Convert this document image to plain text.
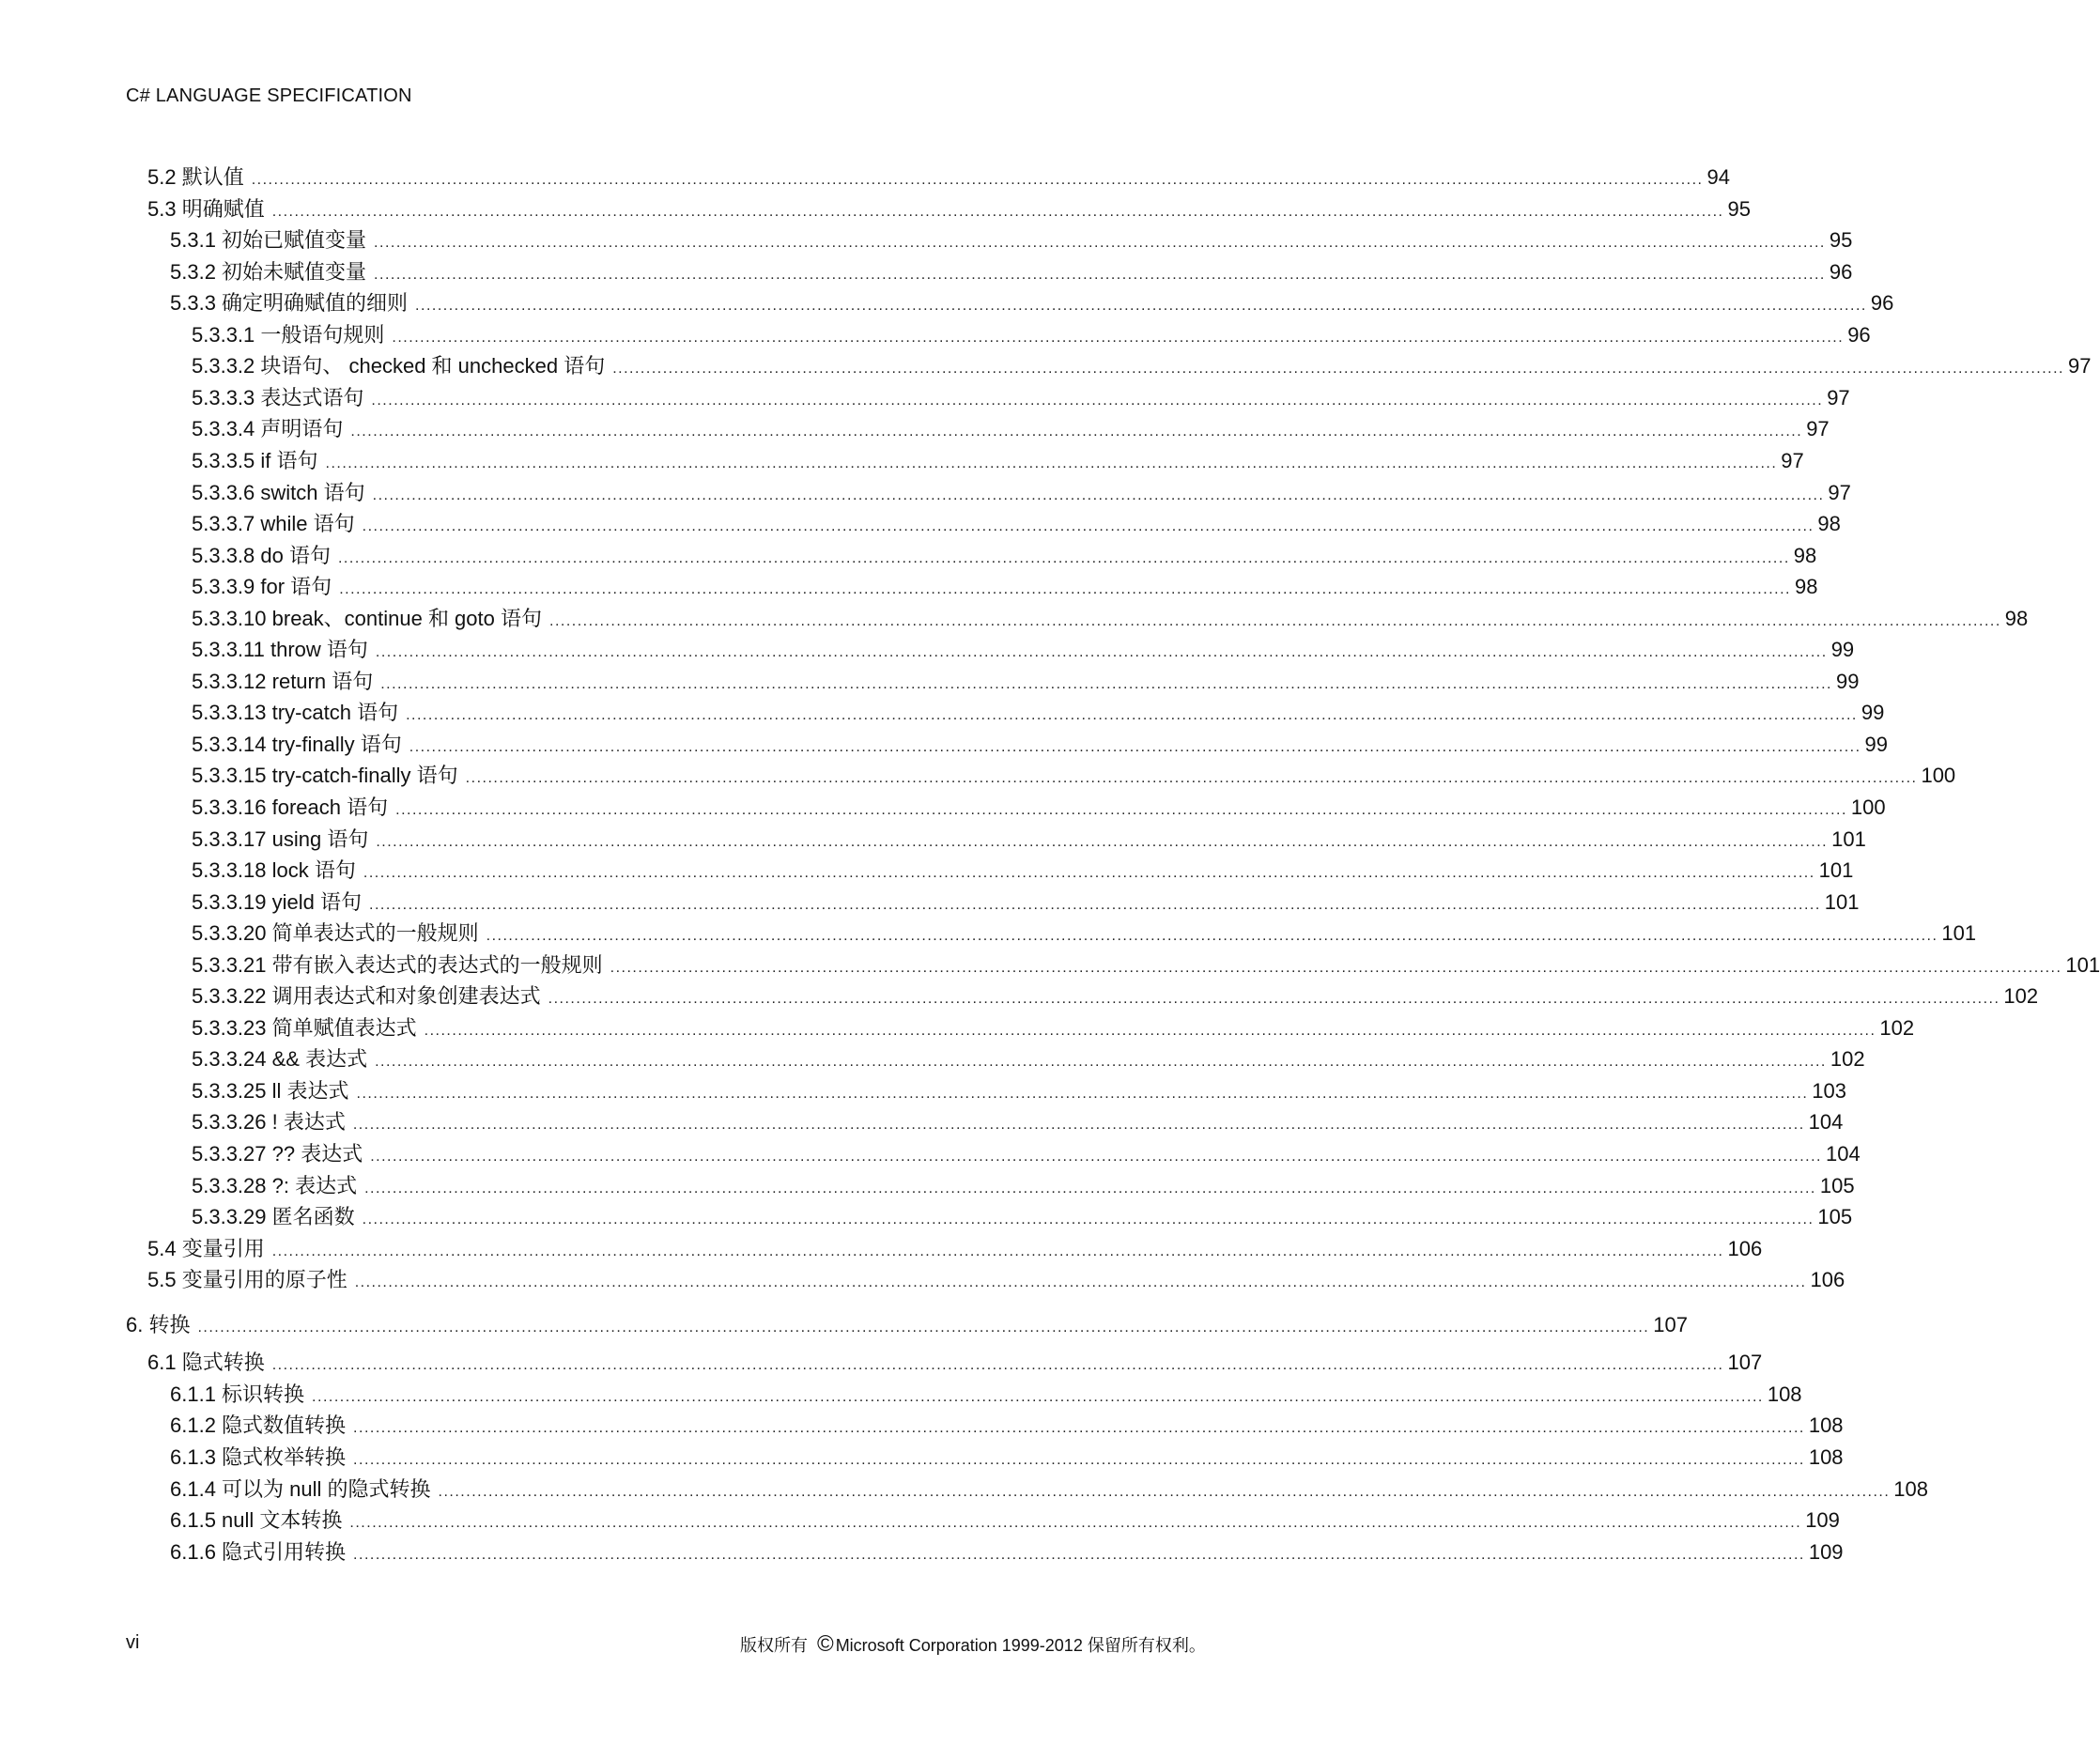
C# LANGUAGE SPECIFICATION
5.2 默认值 .................................................................................................................................................................................................................................................................... 94
5.3 明确赋值 .................................................................................................................................................................................................................................................................... 95
5.3.1 初始已赋值变量 .................................................................................................................................................................................................................................................................... 95
5.3.2 初始未赋值变量 .................................................................................................................................................................................................................................................................... 96
5.3.3 确定明确赋值的细则 .................................................................................................................................................................................................................................................................... 96
5.3.3.1 一般语句规则 .................................................................................................................................................................................................................................................................... 96
5.3.3.2 块语句、 checked 和 unchecked 语句 .................................................................................................................................................................................................................................................................... 97
5.3.3.3 表达式语句 .................................................................................................................................................................................................................................................................... 97
5.3.3.4 声明语句 .................................................................................................................................................................................................................................................................... 97
5.3.3.5 if 语句 .................................................................................................................................................................................................................................................................... 97
5.3.3.6 switch 语句 .................................................................................................................................................................................................................................................................... 97
5.3.3.7 while 语句 .................................................................................................................................................................................................................................................................... 98
5.3.3.8 do 语句 .................................................................................................................................................................................................................................................................... 98
5.3.3.9 for 语句 .................................................................................................................................................................................................................................................................... 98
5.3.3.10 break、continue 和 goto 语句 .................................................................................................................................................................................................................................................................... 98
5.3.3.11 throw 语句 .................................................................................................................................................................................................................................................................... 99
5.3.3.12 return 语句 .................................................................................................................................................................................................................................................................... 99
5.3.3.13 try-catch 语句 .................................................................................................................................................................................................................................................................... 99
5.3.3.14 try-finally 语句 .................................................................................................................................................................................................................................................................... 99
5.3.3.15 try-catch-finally 语句 .................................................................................................................................................................................................................................................................... 100
5.3.3.16 foreach 语句 .................................................................................................................................................................................................................................................................... 100
5.3.3.17 using 语句 .................................................................................................................................................................................................................................................................... 101
5.3.3.18 lock 语句 .................................................................................................................................................................................................................................................................... 101
5.3.3.19 yield 语句 .................................................................................................................................................................................................................................................................... 101
5.3.3.20 简单表达式的一般规则 .................................................................................................................................................................................................................................................................... 101
5.3.3.21 带有嵌入表达式的表达式的一般规则 .................................................................................................................................................................................................................................................................... 101
5.3.3.22 调用表达式和对象创建表达式 .................................................................................................................................................................................................................................................................... 102
5.3.3.23 简单赋值表达式 .................................................................................................................................................................................................................................................................... 102
5.3.3.24 && 表达式 .................................................................................................................................................................................................................................................................... 102
5.3.3.25 ll 表达式 .................................................................................................................................................................................................................................................................... 103
5.3.3.26 ! 表达式 .................................................................................................................................................................................................................................................................... 104
5.3.3.27 ?? 表达式 .................................................................................................................................................................................................................................................................... 104
5.3.3.28 ?: 表达式 .................................................................................................................................................................................................................................................................... 105
5.3.3.29 匿名函数 .................................................................................................................................................................................................................................................................... 105
5.4 变量引用 .................................................................................................................................................................................................................................................................... 106
5.5 变量引用的原子性 .................................................................................................................................................................................................................................................................... 106
6. 转换 .................................................................................................................................................................................................................................................................... 107
6.1 隐式转换 .................................................................................................................................................................................................................................................................... 107
6.1.1 标识转换 .................................................................................................................................................................................................................................................................... 108
6.1.2 隐式数值转换 .................................................................................................................................................................................................................................................................... 108
6.1.3 隐式枚举转换 .................................................................................................................................................................................................................................................................... 108
6.1.4 可以为 null 的隐式转换 .................................................................................................................................................................................................................................................................... 108
6.1.5 null 文本转换 .................................................................................................................................................................................................................................................................... 109
6.1.6 隐式引用转换 .................................................................................................................................................................................................................................................................... 109
vi	版权所有 © Microsoft Corporation 1999-2012 保留所有权利。
